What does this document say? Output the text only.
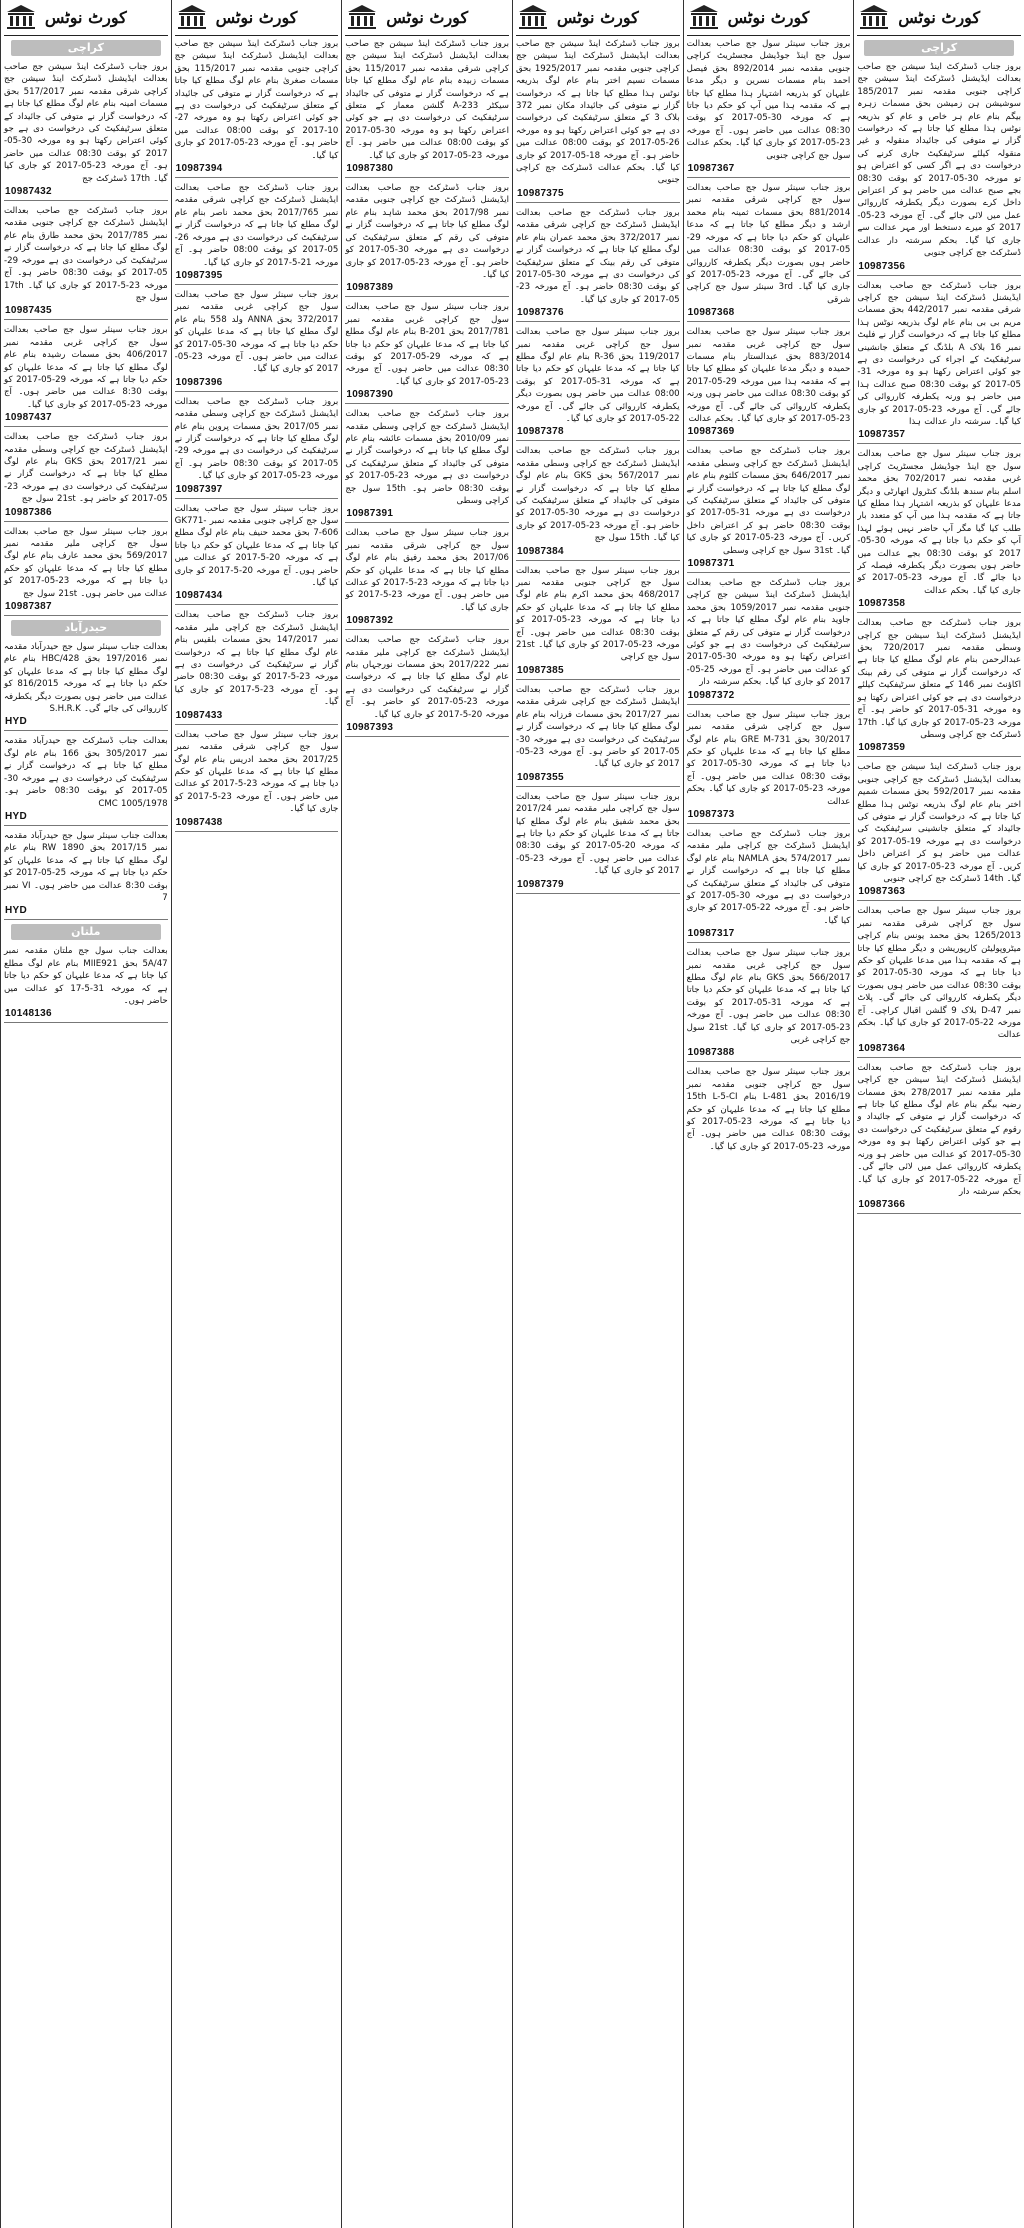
کورٹ نوٹس
کراچی
بروز جناب ڈسٹرکٹ اینڈ سیشن جج صاحب بعدالت ایڈیشنل ڈسٹرکٹ اینڈ سیشن جج کراچی جنوبی مقدمہ نمبر 185/2017 سوشیشن ہن زمیشن بحق مسمات زہرہ بیگم بنام عام ہر خاص و عام کو بذریعہ نوٹس ہذا مطلع کیا جاتا ہے کہ درخواست گزار نے متوفی کی جائیداد منقولہ و غیر منقولہ کیلئے سرٹیفکیٹ جاری کرنے کی درخواست دی ہے اگر کسی کو اعتراض ہو تو مورخہ 30-05-2017 کو بوقت 08:30 بجے صبح عدالت میں حاضر ہو کر اعتراض داخل کرے بصورت دیگر یکطرفہ کارروائی عمل میں لائی جائے گی۔ آج مورخہ 23-05-2017 کو میرے دستخط اور مہر عدالت سے جاری کیا گیا۔ بحکم سرشتہ دار عدالت ڈسٹرکٹ جج کراچی جنوبی
10987356
بروز جناب ڈسٹرکٹ جج صاحب بعدالت ایڈیشنل ڈسٹرکٹ اینڈ سیشن جج کراچی شرقی مقدمہ نمبر 442/2017 بحق مسمات مریم بی بی بنام عام لوگ بذریعہ نوٹس ہذا مطلع کیا جاتا ہے کہ درخواست گزار نے فلیٹ نمبر 16 بلاک A بلڈنگ کے متعلق جانشینی سرٹیفکیٹ کے اجراء کی درخواست دی ہے جو کوئی اعتراض رکھتا ہو وہ مورخہ 31-05-2017 کو بوقت 08:30 صبح عدالت ہذا میں حاضر ہو ورنہ یکطرفہ کارروائی کی جائے گی۔ آج مورخہ 23-05-2017 کو جاری کیا گیا۔ سرشتہ دار عدالت ہذا
10987357
بروز جناب سینئر سول جج صاحب بعدالت سول جج اینڈ جوڈیشل مجسٹریٹ کراچی غربی مقدمہ نمبر 702/2017 بحق محمد اسلم بنام سندھ بلڈنگ کنٹرول اتھارٹی و دیگر مدعا علیہان کو بذریعہ اشتہار ہذا مطلع کیا جاتا ہے کہ مقدمہ ہذا میں آپ کو متعدد بار طلب کیا گیا مگر آپ حاضر نہیں ہوئے لہذا آپ کو حکم دیا جاتا ہے کہ مورخہ 30-05-2017 کو بوقت 08:30 بجے عدالت میں حاضر ہوں بصورت دیگر یکطرفہ فیصلہ کر دیا جائے گا۔ آج مورخہ 23-05-2017 کو جاری کیا گیا۔ بحکم عدالت
10987358
بروز جناب ڈسٹرکٹ جج صاحب بعدالت ایڈیشنل ڈسٹرکٹ اینڈ سیشن جج کراچی وسطی مقدمہ نمبر 720/2017 بحق عبدالرحمن بنام عام لوگ مطلع کیا جاتا ہے کہ درخواست گزار نے متوفی کی رقم بینک اکاؤنٹ نمبر 146 کے متعلق سرٹیفکیٹ کیلئے درخواست دی ہے جو کوئی اعتراض رکھتا ہو وہ مورخہ 31-05-2017 کو حاضر ہو۔ آج مورخہ 23-05-2017 کو جاری کیا گیا۔ 17th ڈسٹرکٹ جج کراچی وسطی
10987359
بروز جناب ڈسٹرکٹ اینڈ سیشن جج صاحب بعدالت ایڈیشنل ڈسٹرکٹ جج کراچی جنوبی مقدمہ نمبر 592/2017 بحق مسمات شمیم اختر بنام عام لوگ بذریعہ نوٹس ہذا مطلع کیا جاتا ہے کہ درخواست گزار نے متوفی کی جائیداد کے متعلق جانشینی سرٹیفکیٹ کی درخواست دی ہے مورخہ 19-05-2017 کو عدالت میں حاضر ہو کر اعتراض داخل کریں۔ آج مورخہ 23-05-2017 کو جاری کیا گیا۔ 14th ڈسٹرکٹ جج کراچی جنوبی
10987363
بروز جناب سینئر سول جج صاحب بعدالت سول جج کراچی شرقی مقدمہ نمبر 1265/2013 بحق محمد یونس بنام کراچی میٹروپولیٹن کارپوریشن و دیگر مطلع کیا جاتا ہے کہ مقدمہ ہذا میں مدعا علیہان کو حکم دیا جاتا ہے کہ مورخہ 30-05-2017 کو بوقت 08:30 عدالت میں حاضر ہوں بصورت دیگر یکطرفہ کارروائی کی جائے گی۔ پلاٹ نمبر D-47 بلاک 9 گلشن اقبال کراچی۔ آج مورخہ 22-05-2017 کو جاری کیا گیا۔ بحکم عدالت
10987364
بروز جناب ڈسٹرکٹ جج صاحب بعدالت ایڈیشنل ڈسٹرکٹ اینڈ سیشن جج کراچی ملیر مقدمہ نمبر 278/2017 بحق مسمات رضیہ بیگم بنام عام لوگ مطلع کیا جاتا ہے کہ درخواست گزار نے متوفی کے جائیداد و رقوم کے متعلق سرٹیفکیٹ کی درخواست دی ہے جو کوئی اعتراض رکھتا ہو وہ مورخہ 30-05-2017 کو عدالت میں حاضر ہو ورنہ یکطرفہ کارروائی عمل میں لائی جائے گی۔ آج مورخہ 22-05-2017 کو جاری کیا گیا۔ بحکم سرشتہ دار
10987366
کورٹ نوٹس
بروز جناب سینئر سول جج صاحب بعدالت سول جج اینڈ جوڈیشل مجسٹریٹ کراچی جنوبی مقدمہ نمبر 892/2014 بحق فیصل احمد بنام مسمات نسرین و دیگر مدعا علیہان کو بذریعہ اشتہار ہذا مطلع کیا جاتا ہے کہ مقدمہ ہذا میں آپ کو حکم دیا جاتا ہے کہ مورخہ 30-05-2017 کو بوقت 08:30 عدالت میں حاضر ہوں۔ آج مورخہ 23-05-2017 کو جاری کیا گیا۔ بحکم عدالت سول جج کراچی جنوبی
10987367
بروز جناب سینئر سول جج صاحب بعدالت سول جج کراچی شرقی مقدمہ نمبر 881/2014 بحق مسمات ثمینہ بنام محمد ارشد و دیگر مطلع کیا جاتا ہے کہ مدعا علیہان کو حکم دیا جاتا ہے کہ مورخہ 29-05-2017 کو بوقت 08:30 عدالت میں حاضر ہوں بصورت دیگر یکطرفہ کارروائی کی جائے گی۔ آج مورخہ 23-05-2017 کو جاری کیا گیا۔ 3rd سینئر سول جج کراچی شرقی
10987368
بروز جناب سینئر سول جج صاحب بعدالت سول جج کراچی غربی مقدمہ نمبر 883/2014 بحق عبدالستار بنام مسمات حمیدہ و دیگر مدعا علیہان کو مطلع کیا جاتا ہے کہ مقدمہ ہذا میں مورخہ 29-05-2017 کو بوقت 08:30 عدالت میں حاضر ہوں ورنہ یکطرفہ کارروائی کی جائے گی۔ آج مورخہ 23-05-2017 کو جاری کیا گیا۔ بحکم عدالت
10987369
بروز جناب ڈسٹرکٹ جج صاحب بعدالت ایڈیشنل ڈسٹرکٹ جج کراچی وسطی مقدمہ نمبر 646/2017 بحق مسمات کلثوم بنام عام لوگ مطلع کیا جاتا ہے کہ درخواست گزار نے متوفی کی جائیداد کے متعلق سرٹیفکیٹ کی درخواست دی ہے مورخہ 31-05-2017 کو بوقت 08:30 حاضر ہو کر اعتراض داخل کریں۔ آج مورخہ 23-05-2017 کو جاری کیا گیا۔ 31st سول جج کراچی وسطی
10987371
بروز جناب ڈسٹرکٹ جج صاحب بعدالت ایڈیشنل ڈسٹرکٹ اینڈ سیشن جج کراچی جنوبی مقدمہ نمبر 1059/2017 بحق محمد جاوید بنام عام لوگ مطلع کیا جاتا ہے کہ درخواست گزار نے متوفی کی رقم کے متعلق سرٹیفکیٹ کی درخواست دی ہے جو کوئی اعتراض رکھتا ہو وہ مورخہ 30-05-2017 کو عدالت میں حاضر ہو۔ آج مورخہ 25-05-2017 کو جاری کیا گیا۔ بحکم سرشتہ دار
10987372
بروز جناب سینئر سول جج صاحب بعدالت سول جج کراچی شرقی مقدمہ نمبر 30/2017 بحق GRE M-731 بنام عام لوگ مطلع کیا جاتا ہے کہ مدعا علیہان کو حکم دیا جاتا ہے کہ مورخہ 30-05-2017 کو بوقت 08:30 عدالت میں حاضر ہوں۔ آج مورخہ 23-05-2017 کو جاری کیا گیا۔ بحکم عدالت
10987373
بروز جناب ڈسٹرکٹ جج صاحب بعدالت ایڈیشنل ڈسٹرکٹ جج کراچی ملیر مقدمہ نمبر 574/2017 بحق NAMLA بنام عام لوگ مطلع کیا جاتا ہے کہ درخواست گزار نے متوفی کی جائیداد کے متعلق سرٹیفکیٹ کی درخواست دی ہے مورخہ 30-05-2017 کو حاضر ہو۔ آج مورخہ 22-05-2017 کو جاری کیا گیا۔
10987317
بروز جناب سینئر سول جج صاحب بعدالت سول جج کراچی غربی مقدمہ نمبر 566/2017 بحق GKS بنام عام لوگ مطلع کیا جاتا ہے کہ مدعا علیہان کو حکم دیا جاتا ہے کہ مورخہ 31-05-2017 کو بوقت 08:30 عدالت میں حاضر ہوں۔ آج مورخہ 23-05-2017 کو جاری کیا گیا۔ 21st سول جج کراچی غربی
10987388
بروز جناب سینئر سول جج صاحب بعدالت سول جج کراچی جنوبی مقدمہ نمبر 2016/19 بحق L-481 بنام 15th L-5-CI مطلع کیا جاتا ہے کہ مدعا علیہان کو حکم دیا جاتا ہے کہ مورخہ 23-05-2017 کو بوقت 08:30 عدالت میں حاضر ہوں۔ آج مورخہ 23-05-2017 کو جاری کیا گیا۔
کورٹ نوٹس
بروز جناب ڈسٹرکٹ اینڈ سیشن جج صاحب بعدالت ایڈیشنل ڈسٹرکٹ اینڈ سیشن جج کراچی جنوبی مقدمہ نمبر 1925/2017 بحق مسمات نسیم اختر بنام عام لوگ بذریعہ نوٹس ہذا مطلع کیا جاتا ہے کہ درخواست گزار نے متوفی کی جائیداد مکان نمبر 372 بلاک 3 کے متعلق سرٹیفکیٹ کی درخواست دی ہے جو کوئی اعتراض رکھتا ہو وہ مورخہ 26-05-2017 کو بوقت 08:00 عدالت میں حاضر ہو۔ آج مورخہ 18-05-2017 کو جاری کیا گیا۔ بحکم عدالت ڈسٹرکٹ جج کراچی جنوبی
10987375
بروز جناب ڈسٹرکٹ جج صاحب بعدالت ایڈیشنل ڈسٹرکٹ جج کراچی شرقی مقدمہ نمبر 372/2017 بحق محمد عمران بنام عام لوگ مطلع کیا جاتا ہے کہ درخواست گزار نے متوفی کی رقم بینک کے متعلق سرٹیفکیٹ کی درخواست دی ہے مورخہ 30-05-2017 کو بوقت 08:30 حاضر ہو۔ آج مورخہ 23-05-2017 کو جاری کیا گیا۔
10987376
بروز جناب سینئر سول جج صاحب بعدالت سول جج کراچی غربی مقدمہ نمبر 119/2017 بحق R-36 بنام عام لوگ مطلع کیا جاتا ہے کہ مدعا علیہان کو حکم دیا جاتا ہے کہ مورخہ 31-05-2017 کو بوقت 08:00 عدالت میں حاضر ہوں بصورت دیگر یکطرفہ کارروائی کی جائے گی۔ آج مورخہ 22-05-2017 کو جاری کیا گیا۔
10987378
بروز جناب ڈسٹرکٹ جج صاحب بعدالت ایڈیشنل ڈسٹرکٹ جج کراچی وسطی مقدمہ نمبر 567/2017 بحق GKS بنام عام لوگ مطلع کیا جاتا ہے کہ درخواست گزار نے متوفی کی جائیداد کے متعلق سرٹیفکیٹ کی درخواست دی ہے مورخہ 30-05-2017 کو حاضر ہو۔ آج مورخہ 23-05-2017 کو جاری کیا گیا۔ 15th سول جج
10987384
بروز جناب سینئر سول جج صاحب بعدالت سول جج کراچی جنوبی مقدمہ نمبر 468/2017 بحق محمد اکرم بنام عام لوگ مطلع کیا جاتا ہے کہ مدعا علیہان کو حکم دیا جاتا ہے کہ مورخہ 23-05-2017 کو بوقت 08:30 عدالت میں حاضر ہوں۔ آج مورخہ 23-05-2017 کو جاری کیا گیا۔ 21st سول جج کراچی
10987385
بروز جناب ڈسٹرکٹ جج صاحب بعدالت ایڈیشنل ڈسٹرکٹ جج کراچی شرقی مقدمہ نمبر 2017/27 بحق مسمات فرزانہ بنام عام لوگ مطلع کیا جاتا ہے کہ درخواست گزار نے سرٹیفکیٹ کی درخواست دی ہے مورخہ 30-05-2017 کو حاضر ہو۔ آج مورخہ 23-05-2017 کو جاری کیا گیا۔
10987355
بروز جناب سینئر سول جج صاحب بعدالت سول جج کراچی ملیر مقدمہ نمبر 2017/24 بحق محمد شفیق بنام عام لوگ مطلع کیا جاتا ہے کہ مدعا علیہان کو حکم دیا جاتا ہے کہ مورخہ 20-05-2017 کو بوقت 08:30 عدالت میں حاضر ہوں۔ آج مورخہ 23-05-2017 کو جاری کیا گیا۔
10987379
کورٹ نوٹس
بروز جناب ڈسٹرکٹ اینڈ سیشن جج صاحب بعدالت ایڈیشنل ڈسٹرکٹ اینڈ سیشن جج کراچی شرقی مقدمہ نمبر 115/2017 بحق مسمات زبیدہ بنام عام لوگ مطلع کیا جاتا ہے کہ درخواست گزار نے متوفی کی جائیداد سیکٹر A-233 گلشن معمار کے متعلق سرٹیفکیٹ کی درخواست دی ہے جو کوئی اعتراض رکھتا ہو وہ مورخہ 30-05-2017 کو بوقت 08:00 عدالت میں حاضر ہو۔ آج مورخہ 23-05-2017 کو جاری کیا گیا۔
10987380
بروز جناب ڈسٹرکٹ جج صاحب بعدالت ایڈیشنل ڈسٹرکٹ جج کراچی جنوبی مقدمہ نمبر 2017/98 بحق محمد شاہد بنام عام لوگ مطلع کیا جاتا ہے کہ درخواست گزار نے متوفی کی رقم کے متعلق سرٹیفکیٹ کی درخواست دی ہے مورخہ 30-05-2017 کو حاضر ہو۔ آج مورخہ 23-05-2017 کو جاری کیا گیا۔
10987389
بروز جناب سینئر سول جج صاحب بعدالت سول جج کراچی غربی مقدمہ نمبر 2017/781 بحق B-201 بنام عام لوگ مطلع کیا جاتا ہے کہ مدعا علیہان کو حکم دیا جاتا ہے کہ مورخہ 29-05-2017 کو بوقت 08:30 عدالت میں حاضر ہوں۔ آج مورخہ 23-05-2017 کو جاری کیا گیا۔
10987390
بروز جناب ڈسٹرکٹ جج صاحب بعدالت ایڈیشنل ڈسٹرکٹ جج کراچی وسطی مقدمہ نمبر 2010/09 بحق مسمات عائشہ بنام عام لوگ مطلع کیا جاتا ہے کہ درخواست گزار نے متوفی کی جائیداد کے متعلق سرٹیفکیٹ کی درخواست دی ہے مورخہ 23-05-2017 کو بوقت 08:30 حاضر ہو۔ 15th سول جج کراچی وسطی
10987391
بروز جناب سینئر سول جج صاحب بعدالت سول جج کراچی شرقی مقدمہ نمبر 2017/06 بحق محمد رفیق بنام عام لوگ مطلع کیا جاتا ہے کہ مدعا علیہان کو حکم دیا جاتا ہے کہ مورخہ 23-5-2017 کو عدالت میں حاضر ہوں۔ آج مورخہ 23-5-2017 کو جاری کیا گیا۔
10987392
بروز جناب ڈسٹرکٹ جج صاحب بعدالت ایڈیشنل ڈسٹرکٹ جج کراچی ملیر مقدمہ نمبر 2017/222 بحق مسمات نورجہاں بنام عام لوگ مطلع کیا جاتا ہے کہ درخواست گزار نے سرٹیفکیٹ کی درخواست دی ہے مورخہ 23-05-2017 کو حاضر ہو۔ آج مورخہ 20-5-2017 کو جاری کیا گیا۔
10987393
کورٹ نوٹس
بروز جناب ڈسٹرکٹ اینڈ سیشن جج صاحب بعدالت ایڈیشنل ڈسٹرکٹ اینڈ سیشن جج کراچی جنوبی مقدمہ نمبر 115/2017 بحق مسمات صغریٰ بنام عام لوگ مطلع کیا جاتا ہے کہ درخواست گزار نے متوفی کی جائیداد کے متعلق سرٹیفکیٹ کی درخواست دی ہے جو کوئی اعتراض رکھتا ہو وہ مورخہ 27-10-2017 کو بوقت 08:00 عدالت میں حاضر ہو۔ آج مورخہ 23-05-2017 کو جاری کیا گیا۔
10987394
بروز جناب ڈسٹرکٹ جج صاحب بعدالت ایڈیشنل ڈسٹرکٹ جج کراچی شرقی مقدمہ نمبر 2017/765 بحق محمد ناصر بنام عام لوگ مطلع کیا جاتا ہے کہ درخواست گزار نے سرٹیفکیٹ کی درخواست دی ہے مورخہ 26-05-2017 کو بوقت 08:00 حاضر ہو۔ آج مورخہ 21-5-2017 کو جاری کیا گیا۔
10987395
بروز جناب سینئر سول جج صاحب بعدالت سول جج کراچی غربی مقدمہ نمبر 372/2017 بحق ANNA ولد 558 بنام عام لوگ مطلع کیا جاتا ہے کہ مدعا علیہان کو حکم دیا جاتا ہے کہ مورخہ 30-05-2017 کو عدالت میں حاضر ہوں۔ آج مورخہ 23-05-2017 کو جاری کیا گیا۔
10987396
بروز جناب ڈسٹرکٹ جج صاحب بعدالت ایڈیشنل ڈسٹرکٹ جج کراچی وسطی مقدمہ نمبر 2017/05 بحق مسمات پروین بنام عام لوگ مطلع کیا جاتا ہے کہ درخواست گزار نے سرٹیفکیٹ کی درخواست دی ہے مورخہ 29-05-2017 کو بوقت 08:30 حاضر ہو۔ آج مورخہ 23-05-2017 کو جاری کیا گیا۔
10987397
بروز جناب سینئر سول جج صاحب بعدالت سول جج کراچی جنوبی مقدمہ نمبر GK771-7-606 بحق محمد حنیف بنام عام لوگ مطلع کیا جاتا ہے کہ مدعا علیہان کو حکم دیا جاتا ہے کہ مورخہ 20-5-2017 کو عدالت میں حاضر ہوں۔ آج مورخہ 20-5-2017 کو جاری کیا گیا۔
10987434
بروز جناب ڈسٹرکٹ جج صاحب بعدالت ایڈیشنل ڈسٹرکٹ جج کراچی ملیر مقدمہ نمبر 147/2017 بحق مسمات بلقیس بنام عام لوگ مطلع کیا جاتا ہے کہ درخواست گزار نے سرٹیفکیٹ کی درخواست دی ہے مورخہ 23-5-2017 کو بوقت 08:30 حاضر ہو۔ آج مورخہ 23-5-2017 کو جاری کیا گیا۔
10987433
بروز جناب سینئر سول جج صاحب بعدالت سول جج کراچی شرقی مقدمہ نمبر 2017/25 بحق محمد ادریس بنام عام لوگ مطلع کیا جاتا ہے کہ مدعا علیہان کو حکم دیا جاتا ہے کہ مورخہ 23-5-2017 کو عدالت میں حاضر ہوں۔ آج مورخہ 23-5-2017 کو جاری کیا گیا۔
10987438
کورٹ نوٹس
کراچی
بروز جناب ڈسٹرکٹ اینڈ سیشن جج صاحب بعدالت ایڈیشنل ڈسٹرکٹ اینڈ سیشن جج کراچی شرقی مقدمہ نمبر 517/2017 بحق مسمات امینہ بنام عام لوگ مطلع کیا جاتا ہے کہ درخواست گزار نے متوفی کی جائیداد کے متعلق سرٹیفکیٹ کی درخواست دی ہے جو کوئی اعتراض رکھتا ہو وہ مورخہ 30-05-2017 کو بوقت 08:30 عدالت میں حاضر ہو۔ آج مورخہ 23-05-2017 کو جاری کیا گیا۔ 17th ڈسٹرکٹ جج
10987432
بروز جناب ڈسٹرکٹ جج صاحب بعدالت ایڈیشنل ڈسٹرکٹ جج کراچی جنوبی مقدمہ نمبر 2017/785 بحق محمد طارق بنام عام لوگ مطلع کیا جاتا ہے کہ درخواست گزار نے سرٹیفکیٹ کی درخواست دی ہے مورخہ 29-05-2017 کو بوقت 08:30 حاضر ہو۔ آج مورخہ 23-5-2017 کو جاری کیا گیا۔ 17th سول جج
10987435
بروز جناب سینئر سول جج صاحب بعدالت سول جج کراچی غربی مقدمہ نمبر 406/2017 بحق مسمات رشیدہ بنام عام لوگ مطلع کیا جاتا ہے کہ مدعا علیہان کو حکم دیا جاتا ہے کہ مورخہ 29-05-2017 کو بوقت 8:30 عدالت میں حاضر ہوں۔ آج مورخہ 23-05-2017 کو جاری کیا گیا۔
10987437
بروز جناب ڈسٹرکٹ جج صاحب بعدالت ایڈیشنل ڈسٹرکٹ جج کراچی وسطی مقدمہ نمبر 2017/21 بحق GKS بنام عام لوگ مطلع کیا جاتا ہے کہ درخواست گزار نے سرٹیفکیٹ کی درخواست دی ہے مورخہ 23-05-2017 کو حاضر ہو۔ 21st سول جج
10987386
بروز جناب سینئر سول جج صاحب بعدالت سول جج کراچی ملیر مقدمہ نمبر 569/2017 بحق محمد عارف بنام عام لوگ مطلع کیا جاتا ہے کہ مدعا علیہان کو حکم دیا جاتا ہے کہ مورخہ 23-05-2017 کو عدالت میں حاضر ہوں۔ 21st سول جج
10987387
حیدرآباد
بعدالت جناب سینئر سول جج حیدرآباد مقدمہ نمبر 197/2016 بحق HBC/428 بنام عام لوگ مطلع کیا جاتا ہے کہ مدعا علیہان کو حکم دیا جاتا ہے کہ مورخہ 816/2015 کو عدالت میں حاضر ہوں بصورت دیگر یکطرفہ کارروائی کی جائے گی۔ S.H.R.K
HYD
بعدالت جناب ڈسٹرکٹ جج حیدرآباد مقدمہ نمبر 305/2017 بحق 166 بنام عام لوگ مطلع کیا جاتا ہے کہ درخواست گزار نے سرٹیفکیٹ کی درخواست دی ہے مورخہ 30-05-2017 کو بوقت 08:30 حاضر ہو۔ 1005/1978 CMC
HYD
بعدالت جناب سینئر سول جج حیدرآباد مقدمہ نمبر 2017/15 بحق RW 1890 بنام عام لوگ مطلع کیا جاتا ہے کہ مدعا علیہان کو حکم دیا جاتا ہے کہ مورخہ 25-05-2017 کو بوقت 8:30 عدالت میں حاضر ہوں۔ VI نمبر 7
HYD
ملتان
بعدالت جناب سول جج ملتان مقدمہ نمبر 5A/47 بحق MIIE921 بنام عام لوگ مطلع کیا جاتا ہے کہ مدعا علیہان کو حکم دیا جاتا ہے کہ مورخہ 31-5-17 کو عدالت میں حاضر ہوں۔
10148136
